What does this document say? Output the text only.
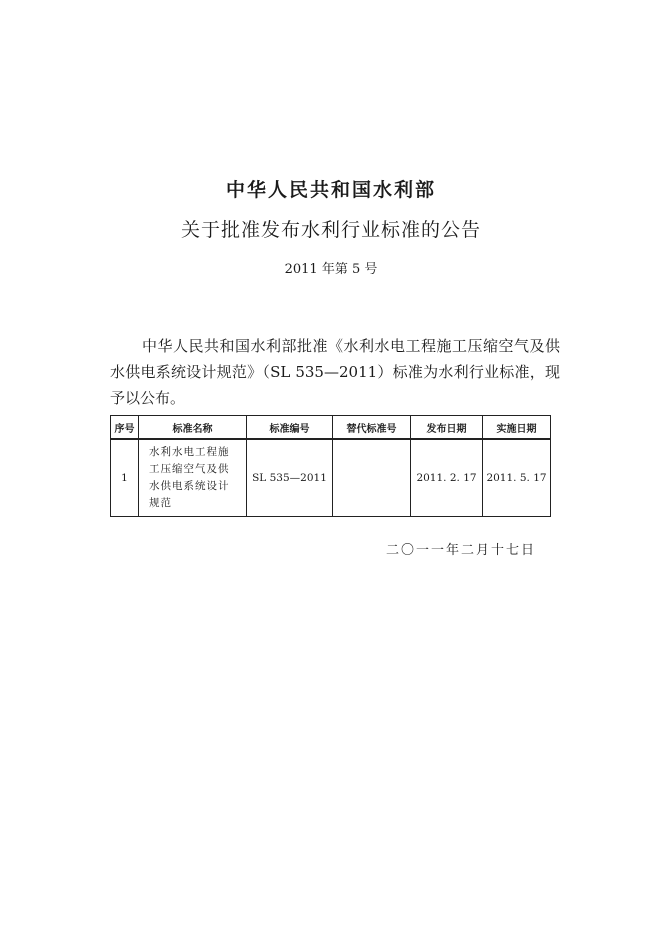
中华人民共和国水利部
关于批准发布水利行业标准的公告
2011 年第 5 号

中华人民共和国水利部批准《水利水电工程施工压缩空气及供水供电系统设计规范》（SL 535—2011）标准为水利行业标准，现予以公布。

序号	标准名称	标准编号	替代标准号	发布日期	实施日期
1	水利水电工程施工压缩空气及供水供电系统设计规范	SL 535—2011		2011. 2. 17	2011. 5. 17
二〇一一年二月十七日
